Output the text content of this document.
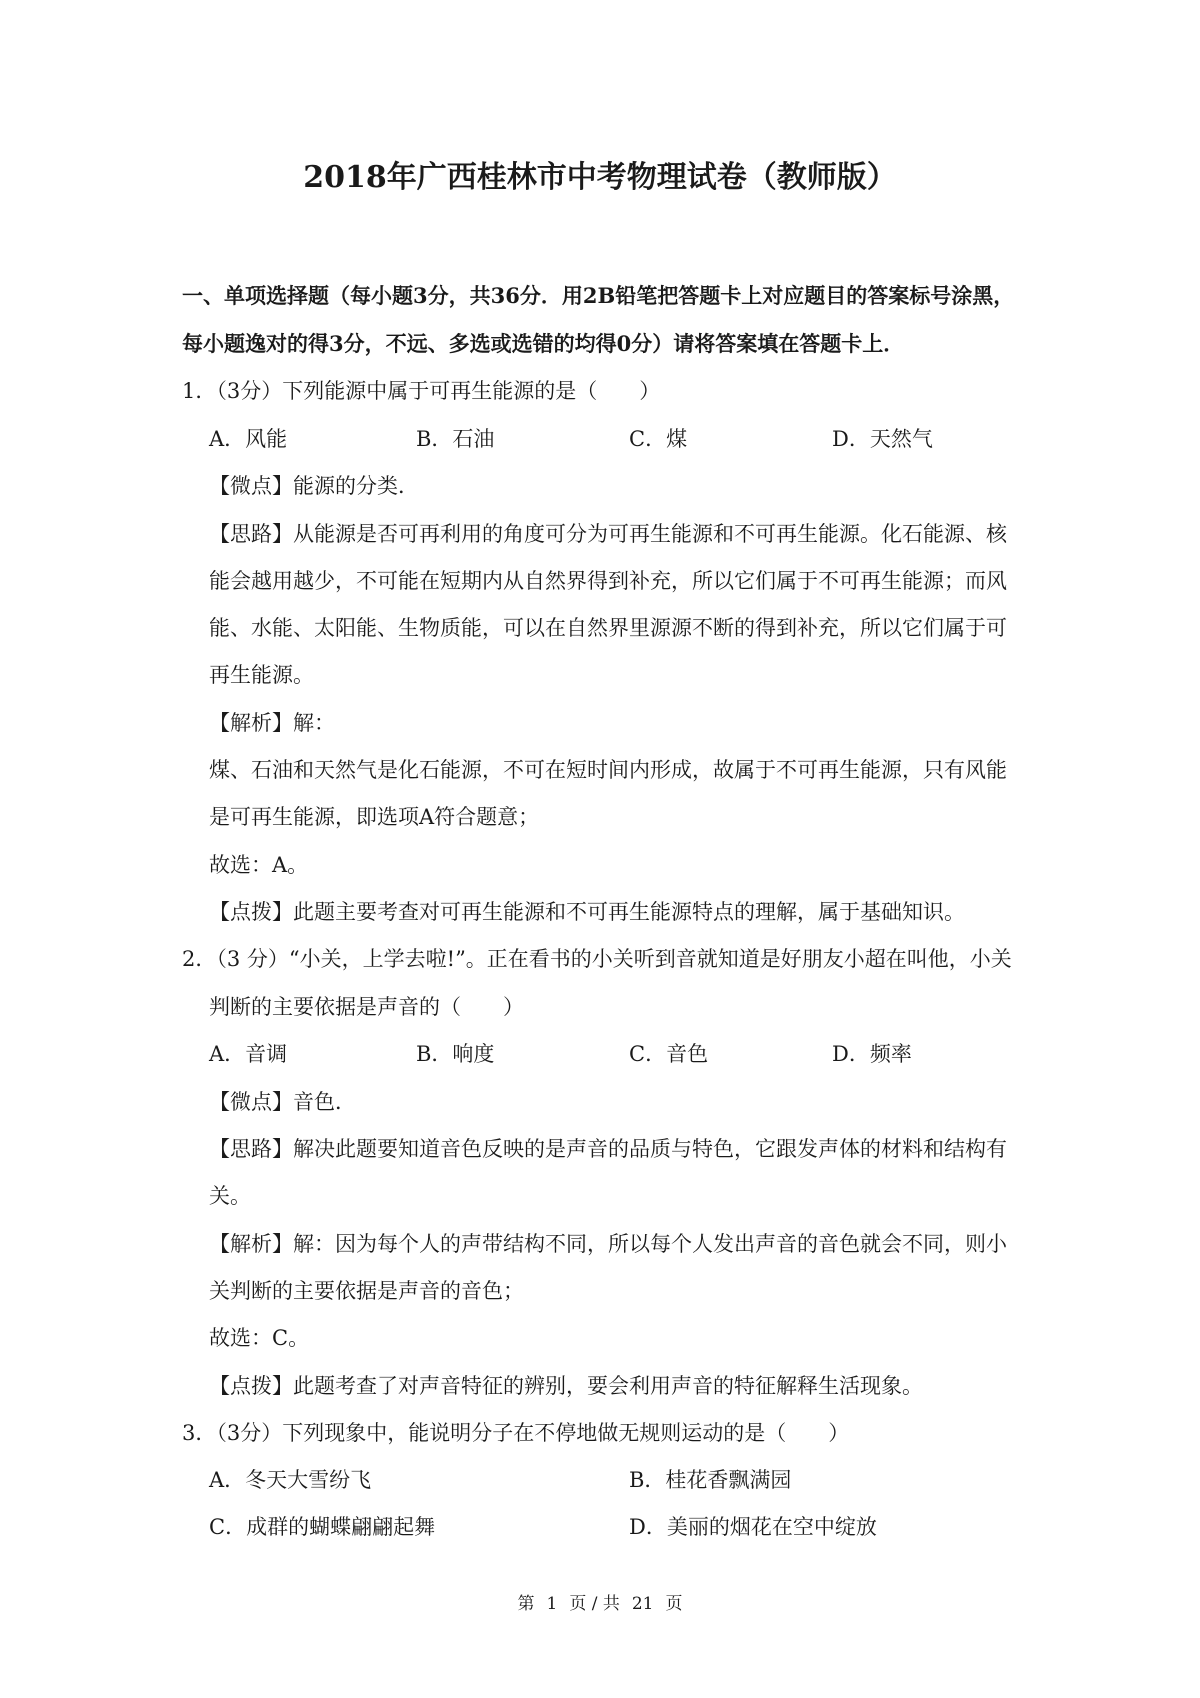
2018年广西桂林市中考物理试卷（教师版）
一、单项选择题（每小题3分，共36分．用2B铅笔把答题卡上对应题目的答案标号涂黑，
每小题逸对的得3分，不远、多选或选错的均得0分）请将答案填在答题卡上．
1．（3分）下列能源中属于可再生能源的是（　　）
A．风能	B．石油	C．煤	D．天然气
【微点】能源的分类．
【思路】从能源是否可再利用的角度可分为可再生能源和不可再生能源。化石能源、核
能会越用越少，不可能在短期内从自然界得到补充，所以它们属于不可再生能源；而风
能、水能、太阳能、生物质能，可以在自然界里源源不断的得到补充，所以它们属于可
再生能源。
【解析】解：
煤、石油和天然气是化石能源，不可在短时间内形成，故属于不可再生能源，只有风能
是可再生能源，即选项A符合题意；
故选：A。
【点拨】此题主要考查对可再生能源和不可再生能源特点的理解，属于基础知识。
2．（3 分）“小关，上学去啦!”。正在看书的小关听到音就知道是好朋友小超在叫他，小关
判断的主要依据是声音的（　　）
A．音调	B．响度	C．音色	D．频率
【微点】音色．
【思路】解决此题要知道音色反映的是声音的品质与特色，它跟发声体的材料和结构有
关。
【解析】解：因为每个人的声带结构不同，所以每个人发出声音的音色就会不同，则小
关判断的主要依据是声音的音色；
故选：C。
【点拨】此题考查了对声音特征的辨别，要会利用声音的特征解释生活现象。
3．（3分）下列现象中，能说明分子在不停地做无规则运动的是（　　）
A．冬天大雪纷飞	B．桂花香飘满园
C．成群的蝴蝶翩翩起舞	D．美丽的烟花在空中绽放
第 1 页 / 共 21 页
